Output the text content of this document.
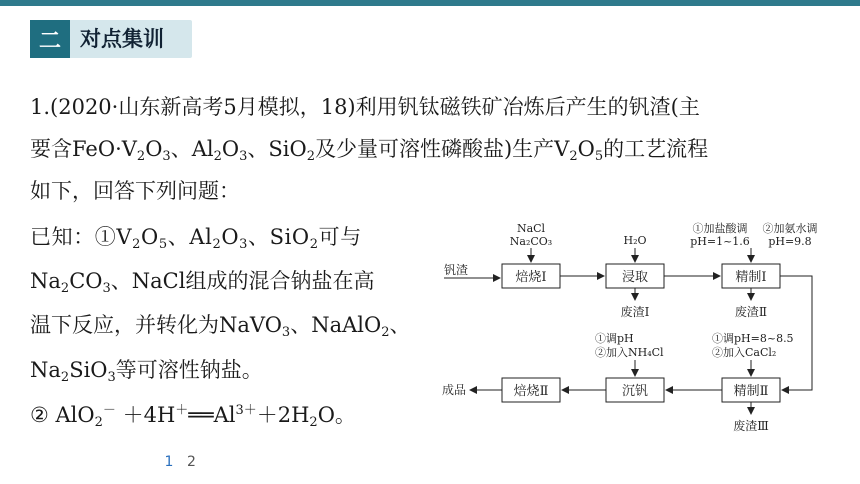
二 对点集训
1.(2020·山东新高考5月模拟，18)利用钒钛磁铁矿冶炼后产生的钒渣(主
要含$FeO\cdot V_2O_3$、$Al_2O_3$、SiO$_2$及少量可溶性磷酸盐)生产$V_2O_5$的工艺流程
如下，回答下列问题：
已知：$①V_2O_5$、$Al_2O_3$、SiO$_2$可与
$Na_2CO_3$、NaCl组成的混合钠盐在高
温下反应，并转化为NaVO$_3$、NaAlO$_2$、
$Na_2SiO_3$等可溶性钠盐。
② $AlO_2^- +4H^+══Al^{3+}+2H_2O$。
焙烧Ⅰ	浸取	精制Ⅰ
精制Ⅱ
沉钒
焙烧Ⅱ
钒渣
NaCl
Na₂CO₃	H₂O
废渣Ⅰ
①加盐酸调
pH=1~1.6
②加氨水调
pH=9.8
废渣Ⅱ
①调pH=8~8.5
②加入CaCl₂
废渣Ⅲ
①调pH
②加入NH₄Cl
成品
1 2
